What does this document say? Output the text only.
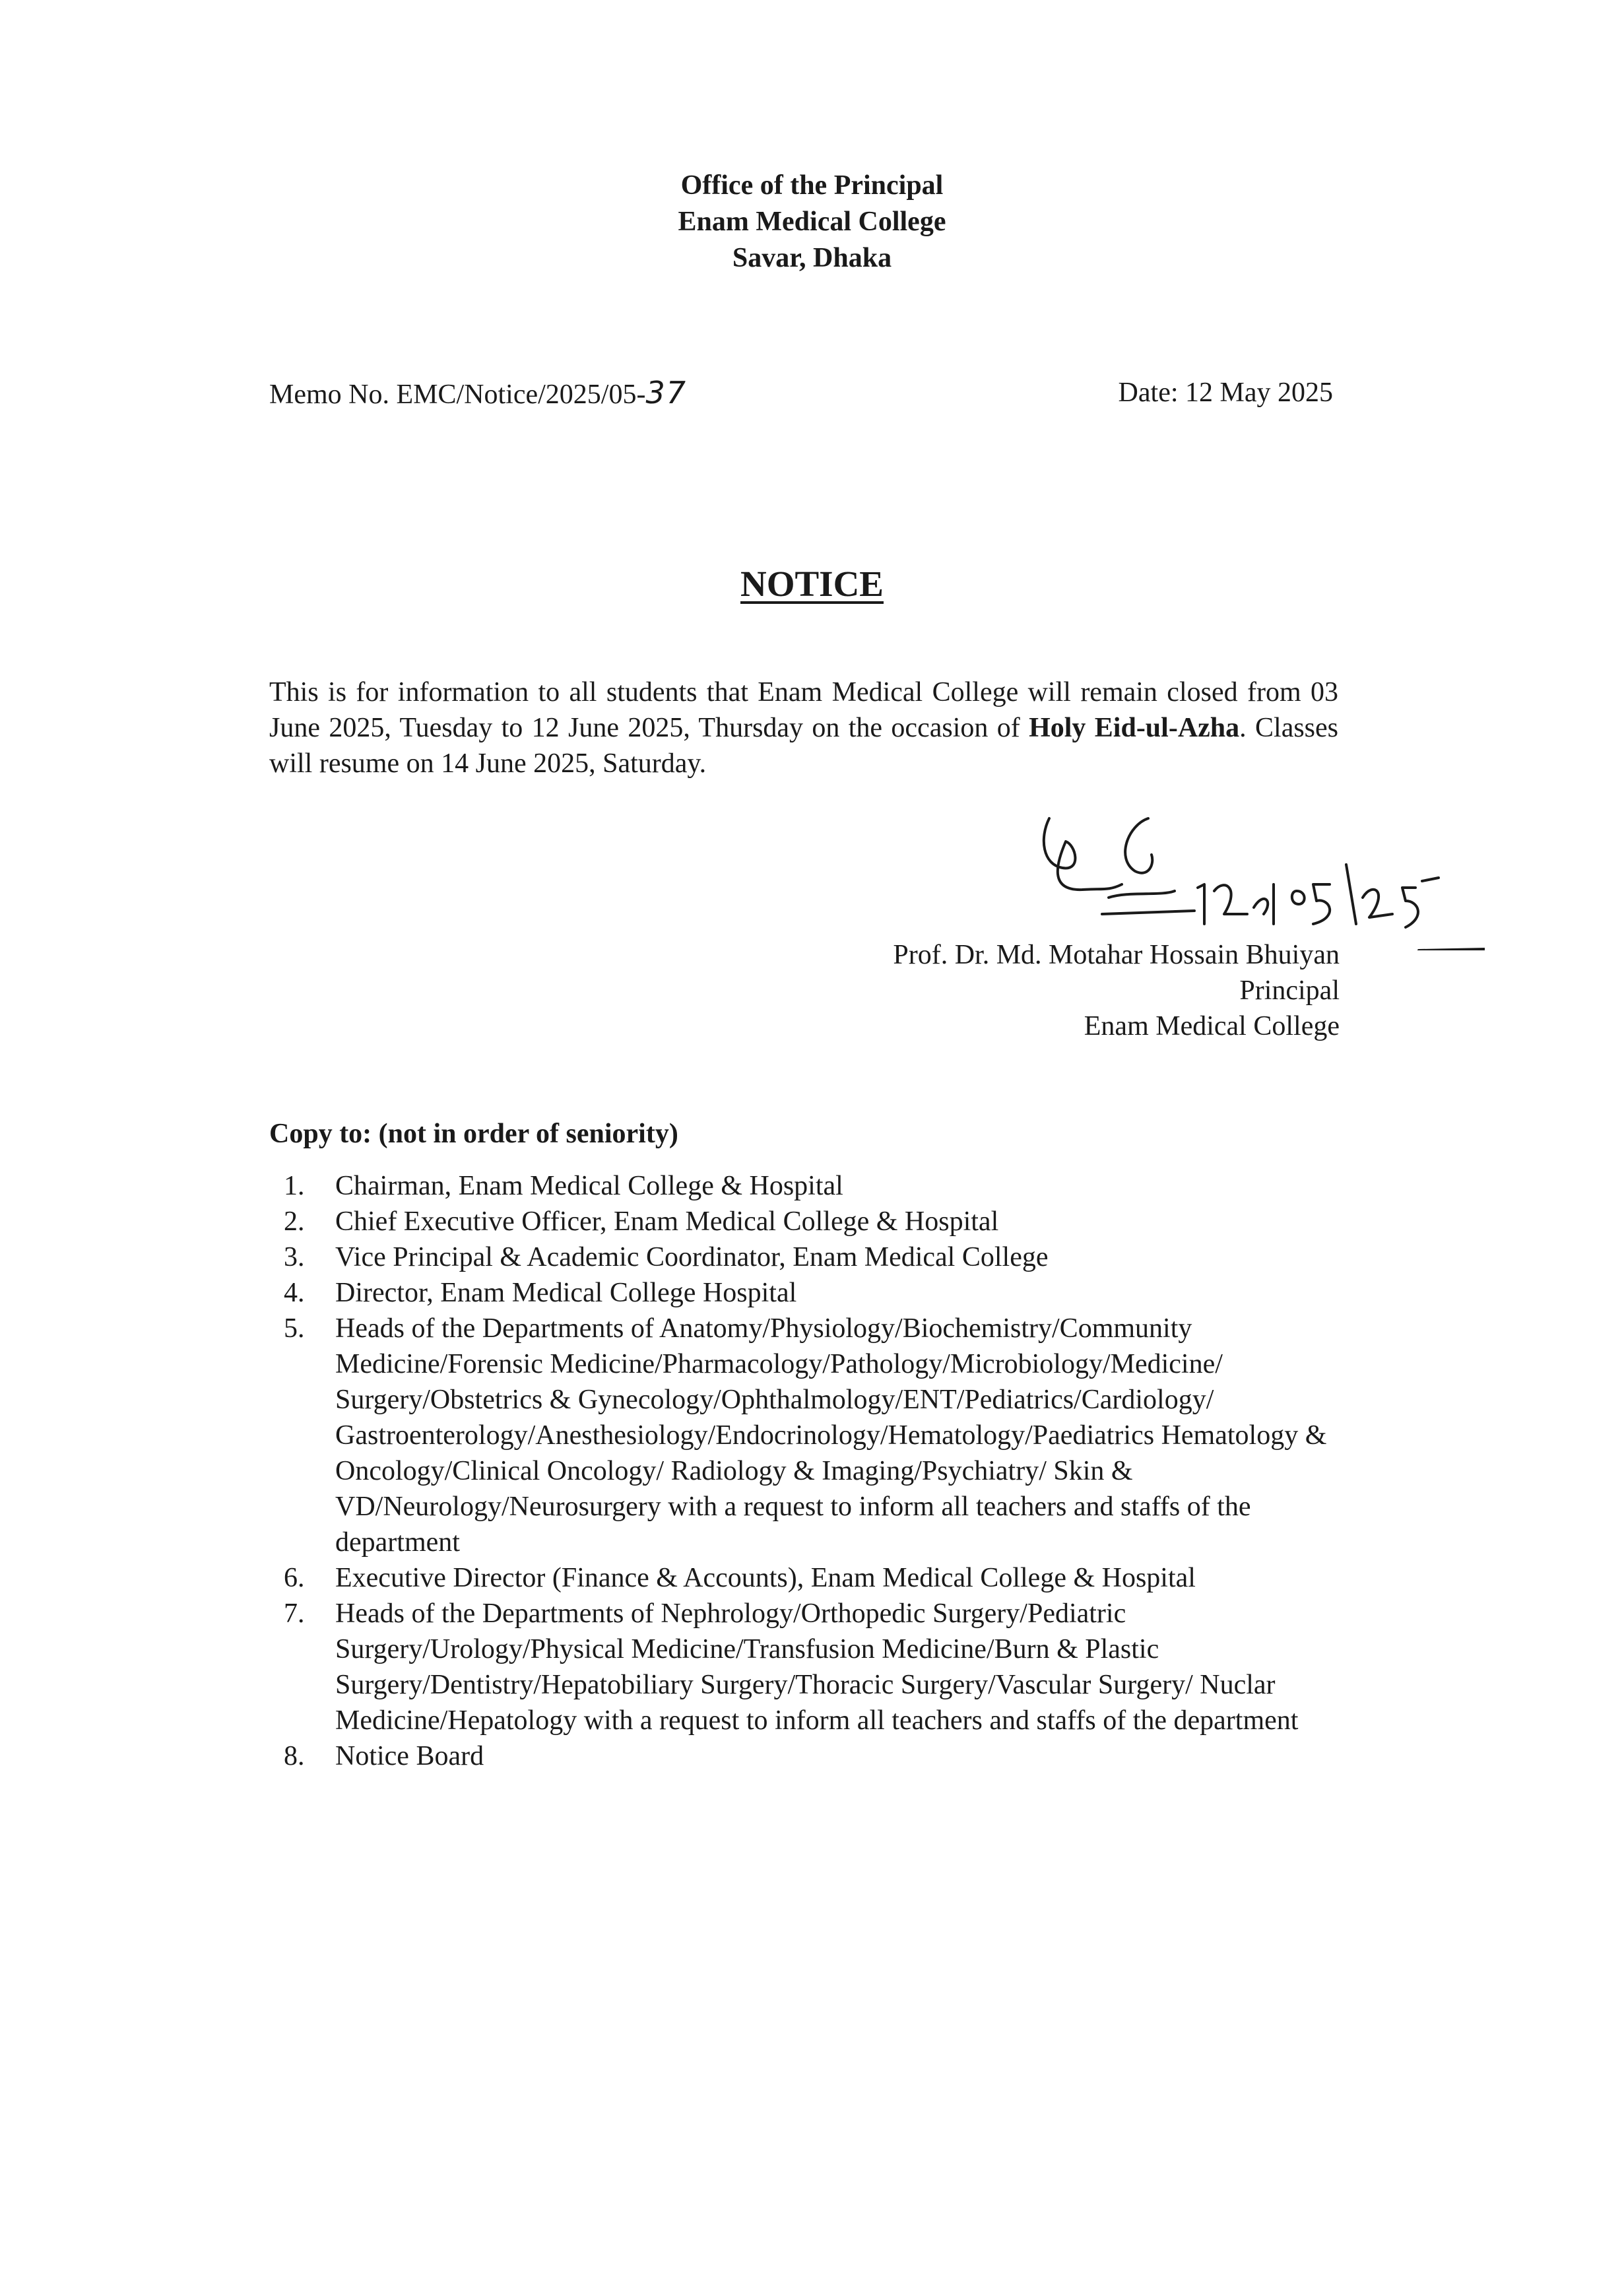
Office of the Principal
Enam Medical College
Savar, Dhaka
Memo No. EMC/Notice/2025/05-37	Date: 12 May 2025
NOTICE
This is for information to all students that Enam Medical College will remain closed from 03 June 2025, Tuesday to 12 June 2025, Thursday on the occasion of Holy Eid-ul-Azha. Classes will resume on 14 June 2025, Saturday.
Prof. Dr. Md. Motahar Hossain Bhuiyan
Principal
Enam Medical College
Copy to: (not in order of seniority)
1.	Chairman, Enam Medical College & Hospital
2.	Chief Executive Officer, Enam Medical College & Hospital
3.	Vice Principal & Academic Coordinator, Enam Medical College
4.	Director, Enam Medical College Hospital
5.	Heads of the Departments of Anatomy/Physiology/Biochemistry/Community Medicine/Forensic Medicine/Pharmacology/Pathology/Microbiology/Medicine/ Surgery/Obstetrics & Gynecology/Ophthalmology/ENT/Pediatrics/Cardiology/ Gastroenterology/Anesthesiology/Endocrinology/Hematology/Paediatrics Hematology & Oncology/Clinical Oncology/ Radiology & Imaging/Psychiatry/ Skin & VD/Neurology/Neurosurgery with a request to inform all teachers and staffs of the department
6.	Executive Director (Finance & Accounts), Enam Medical College & Hospital
7.	Heads of the Departments of Nephrology/Orthopedic Surgery/Pediatric Surgery/Urology/Physical Medicine/Transfusion Medicine/Burn & Plastic Surgery/Dentistry/Hepatobiliary Surgery/Thoracic Surgery/Vascular Surgery/ Nuclar Medicine/Hepatology with a request to inform all teachers and staffs of the department
8.	Notice Board
